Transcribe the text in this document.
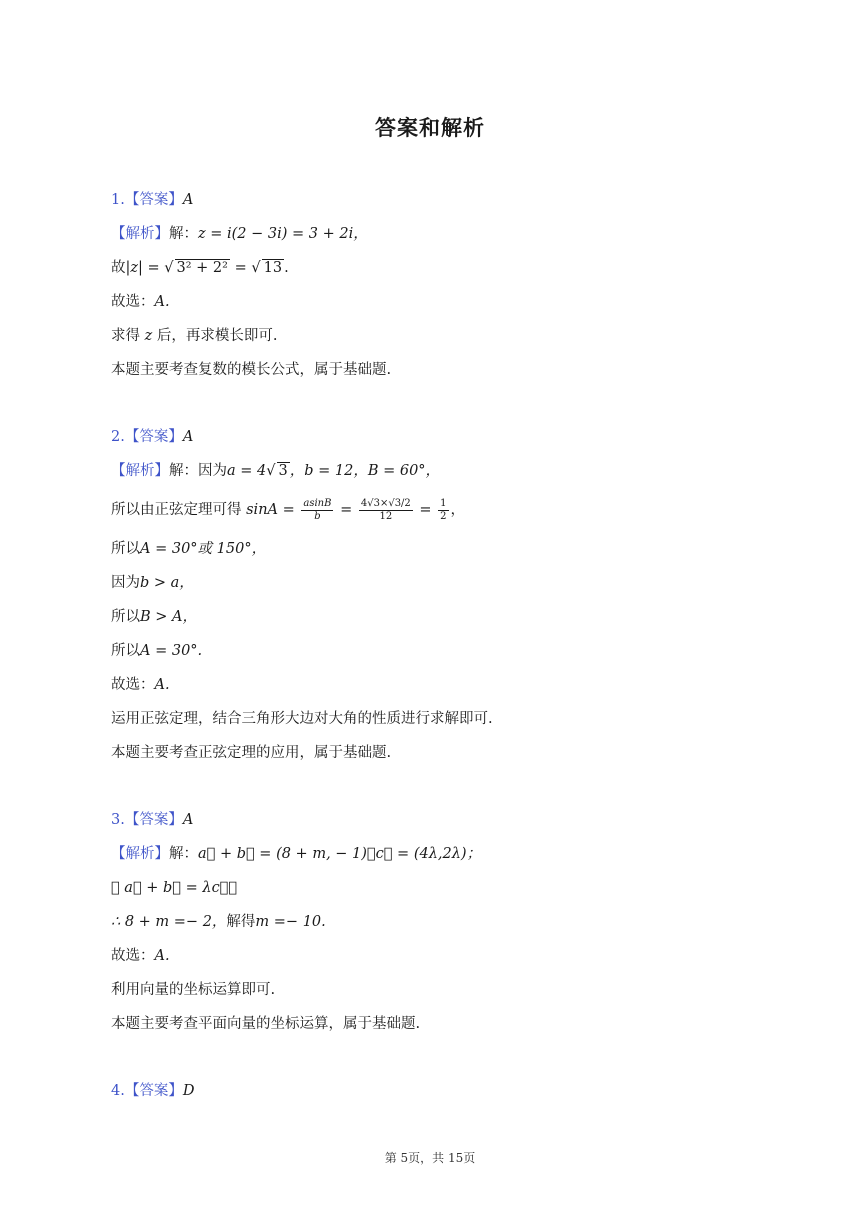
答案和解析
1.【答案】A
【解析】解：z = i(2 − 3i) = 3 + 2i，
故|z| = √ 3² + 2² = √ 13 .
故选：A.
求得 z 后，再求模长即可.
本题主要考查复数的模长公式，属于基础题.
2.【答案】A
【解析】解：因为a = 4√ 3 ，b = 12，B = 60°，
所以由正弦定理可得 $\sin A = \frac{asinB}{b} = \frac{4√3\times√3/2}{12} = \frac{1}{2}$ ，
所以A = 30°或 150°，
因为b > a，
所以B > A，
所以A = 30°.
故选：A.
运用正弦定理，结合三角形大边对大角的性质进行求解即可.
本题主要考查正弦定理的应用，属于基础题.
3.【答案】A
【解析】解：a⃗ + b⃗ = (8 + m, − 1)；c⃗ = (4λ,2λ)；
∵ a⃗ + b⃗ = λc⃗，
∴ 8 + m =− 2，解得m =− 10.
故选：A.
利用向量的坐标运算即可.
本题主要考查平面向量的坐标运算，属于基础题.
4.【答案】D
第 5页，共 15页
